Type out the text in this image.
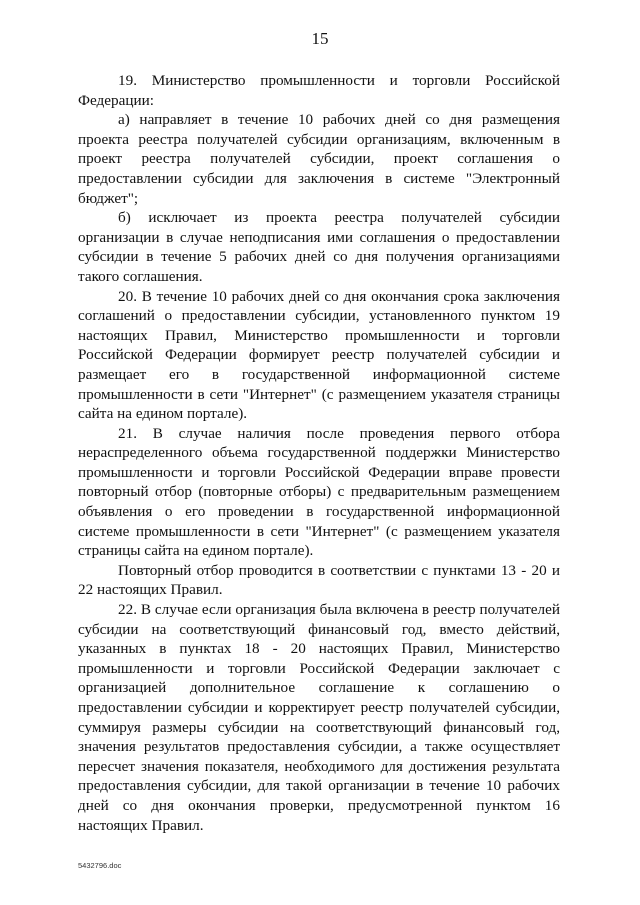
15

19. Министерство промышленности и торговли Российской Федерации:

а) направляет в течение 10 рабочих дней со дня размещения проекта реестра получателей субсидии организациям, включенным в проект реестра получателей субсидии, проект соглашения о предоставлении субсидии для заключения в системе "Электронный бюджет";

б) исключает из проекта реестра получателей субсидии организации в случае неподписания ими соглашения о предоставлении субсидии в течение 5 рабочих дней со дня получения организациями такого соглашения.

20. В течение 10 рабочих дней со дня окончания срока заключения соглашений о предоставлении субсидии, установленного пунктом 19 настоящих Правил, Министерство промышленности и торговли Российской Федерации формирует реестр получателей субсидии и размещает его в государственной информационной системе промышленности в сети "Интернет" (с размещением указателя страницы сайта на едином портале).

21. В случае наличия после проведения первого отбора нераспределенного объема государственной поддержки Министерство промышленности и торговли Российской Федерации вправе провести повторный отбор (повторные отборы) с предварительным размещением объявления о его проведении в государственной информационной системе промышленности в сети "Интернет" (с размещением указателя страницы сайта на едином портале).

Повторный отбор проводится в соответствии с пунктами 13 - 20 и 22 настоящих Правил.

22. В случае если организация была включена в реестр получателей субсидии на соответствующий финансовый год, вместо действий, указанных в пунктах 18 - 20 настоящих Правил, Министерство промышленности и торговли Российской Федерации заключает с организацией дополнительное соглашение к соглашению о предоставлении субсидии и корректирует реестр получателей субсидии, суммируя размеры субсидии на соответствующий финансовый год, значения результатов предоставления субсидии, а также осуществляет пересчет значения показателя, необходимого для достижения результата предоставления субсидии, для такой организации в течение 10 рабочих дней со дня окончания проверки, предусмотренной пунктом 16 настоящих Правил.

5432796.doc
